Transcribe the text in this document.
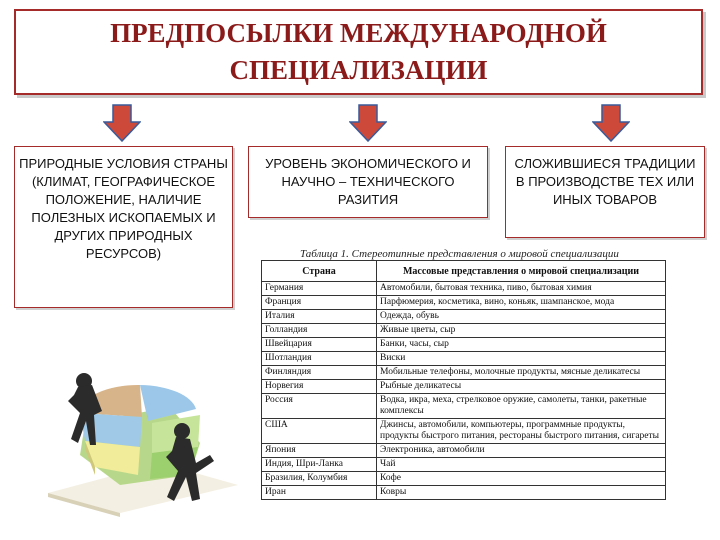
ПРЕДПОСЫЛКИ МЕЖДУНАРОДНОЙ СПЕЦИАЛИЗАЦИИ
ПРИРОДНЫЕ УСЛОВИЯ СТРАНЫ (КЛИМАТ, ГЕОГРАФИЧЕСКОЕ ПОЛОЖЕНИЕ, НАЛИЧИЕ ПОЛЕЗНЫХ ИСКОПАЕМЫХ И ДРУГИХ ПРИРОДНЫХ РЕСУРСОВ)
УРОВЕНЬ ЭКОНОМИЧЕСКОГО И НАУЧНО – ТЕХНИЧЕСКОГО РАЗИТИЯ
СЛОЖИВШИЕСЯ ТРАДИЦИИ В ПРОИЗВОДСТВЕ ТЕХ ИЛИ ИНЫХ ТОВАРОВ
Таблица 1. Стереотипные представления о мировой специализации
Страна	Массовые представления о мировой специализации
Германия	Автомобили, бытовая техника, пиво, бытовая химия
Франция	Парфюмерия, косметика, вино, коньяк, шампанское, мода
Италия	Одежда, обувь
Голландия	Живые цветы, сыр
Швейцария	Банки, часы, сыр
Шотландия	Виски
Финляндия	Мобильные телефоны, молочные продукты, мясные деликатесы
Норвегия	Рыбные деликатесы
Россия	Водка, икра, меха, стрелковое оружие, самолеты, танки, ракетные комплексы
США	Джинсы, автомобили, компьютеры, программные продукты, продукты быстрого питания, рестораны быстрого питания, сигареты
Япония	Электроника, автомобили
Индия, Шри-Ланка	Чай
Бразилия, Колумбия	Кофе
Иран	Ковры
